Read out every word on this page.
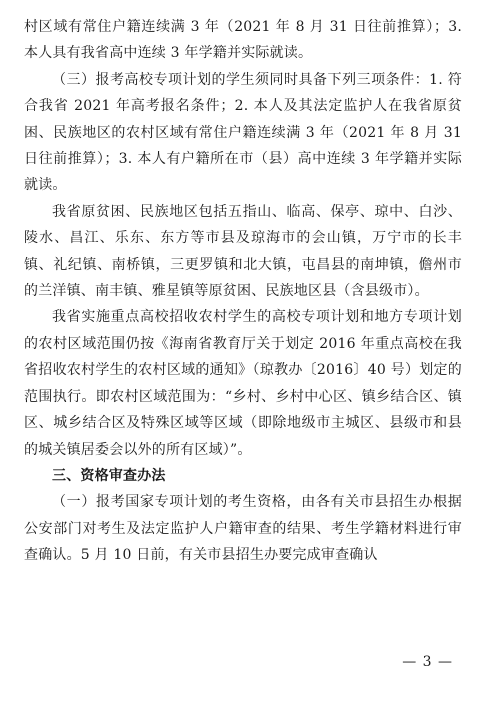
村区域有常住户籍连续满 3 年（2021 年 8 月 31 日往前推算）；3. 本人具有我省高中连续 3 年学籍并实际就读。

（三）报考高校专项计划的学生须同时具备下列三项条件：1. 符合我省 2021 年高考报名条件；2. 本人及其法定监护人在我省原贫困、民族地区的农村区域有常住户籍连续满 3 年（2021 年 8 月 31 日往前推算）；3. 本人有户籍所在市（县）高中连续 3 年学籍并实际就读。

我省原贫困、民族地区包括五指山、临高、保亭、琼中、白沙、陵水、昌江、乐东、东方等市县及琼海市的会山镇，万宁市的长丰镇、礼纪镇、南桥镇，三更罗镇和北大镇，屯昌县的南坤镇，儋州市的兰洋镇、南丰镇、雅星镇等原贫困、民族地区县（含县级市）。

我省实施重点高校招收农村学生的高校专项计划和地方专项计划的农村区域范围仍按《海南省教育厅关于划定 2016 年重点高校在我省招收农村学生的农村区域的通知》（琼教办〔2016〕40 号）划定的范围执行。即农村区域范围为：“乡村、乡村中心区、镇乡结合区、镇区、城乡结合区及特殊区域等区域（即除地级市主城区、县级市和县的城关镇居委会以外的所有区域）”。

三、资格审查办法

（一）报考国家专项计划的考生资格，由各有关市县招生办根据公安部门对考生及法定监护人户籍审查的结果、考生学籍材料进行审查确认。5 月 10 日前，有关市县招生办要完成审查确认

— 3 —
